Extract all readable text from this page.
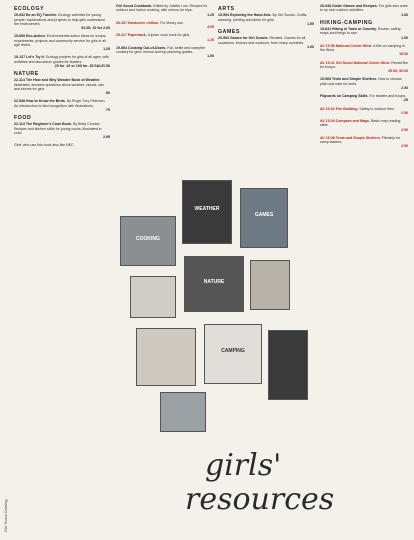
Girl Scout Catalog
ECOLOGY
19-932 Be an EQ Traveler. Ecology activities for young people; explanations and projects to help girls understand the environment.
$1.00; 10 for 2.00
19-600 Eco-Action. Environmental action ideas for troops; experiments, projects and community service for girls in all age levels.
1.25
19-137 Let's Try It. Ecology posters for girls of all ages; with activities and discussion guides for leaders.
25 for .10 or 100 for .35 SALE!.50
NATURE
22-114 The How and Why Wonder Book of Weather. Illustrated; answers questions about weather, clouds, rain and storms for girls.
.50
22-546 How to Know the Birds. By Roger Tory Peterson. An introduction to bird recognition with illustrations.
.75
FOOD
22-114 The Beginner's Cook Book. By Betty Crocker. Recipes and kitchen skills for young cooks; illustrated in color.
2.95
Girls' who use this book also like NEC.
Girl Scout Cookbook. Edited by Juliette Low. Recipes for outdoor and indoor cooking, with menus for trips.
1.25
20-107 Hardcover edition. For library use.
4.95
20-117 Paperback. A junior cook book for girls.
1.25
19-564 Cooking Out-of-Doors. Foil, kettle and campfire cookery for girls; menus and trip planning guides.
1.50
ARTS
19-594 Exploring the Hand Arts. By Girl Scouts. Crafts, weaving, printing and ideas for girls.
1.55
GAMES
20-500 Games for Girl Scouts. Revised. Games for all occasions, indoors and outdoors, from many countries.
1.00
20-548 Guide Games and Recipes. For girls who want to try new outdoor activities.
1.00
HIKING-CAMPING
19-641 Hiking in Town or Country. Routes, safety, maps and things to see.
1.00
AV 15-56 National Center West. A film on camping in the West.
15.00
AV 15-41 Girl Scout National Center West. Rental film for troops.
25.00; 50.00
19-563 Tents and Simple Shelters. How to choose, pitch and care for tents.
2.00
Flipcards on Camping Skills. For leaders and troops.
.25
AV 15-02 Fire Building. Safety in outdoor fires.
2.50
AV 15-04 Compass and Maps. Basic map reading skills.
2.50
AV 15-06 Tents and Simple Shelters. Filmstrip for camp leaders.
2.50
WEATHER
GAMES
COOKING
NATURE
CAMPING
girls'
resources
